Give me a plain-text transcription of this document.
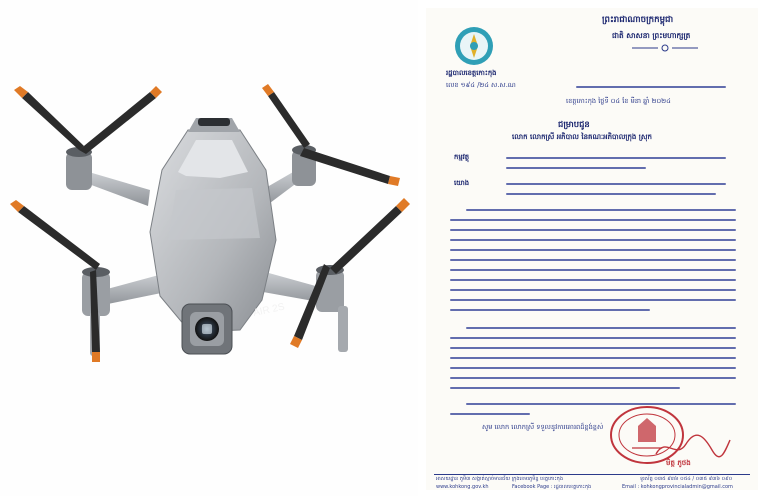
AIR 2S
ព្រះរាជាណាចក្រកម្ពុជា
ជាតិ សាសនា ព្រះមហាក្សត្រ
រដ្ឋបាលខេត្តកោះកុង
លេខ ១៩៤ /២៤ ស.ស.ណ
ខេត្តកោះកុង ថ្ងៃទី ០៤ ខែ មីនា ឆ្នាំ ២០២៤
ជម្រាបជូន
លោក លោកស្រី អភិបាល នៃគណៈអភិបាលក្រុង ស្រុក
កម្មវត្ថុ
យោង
សូម លោក លោកស្រី ទទួលនូវការគោរពដ៏ខ្ពង់ខ្ពស់
មិត្ត ភូថង
អាសយដ្ឋាន ភូមិ៣ សង្កាត់ស្មាច់មានជ័យ ក្រុងខេមរភូមិន្ទ ខេត្តកោះកុង	ទូរស័ព្ទ ០៣៥ ៩៣៦ ០៥៤ / ០៣៥ ៩៣៦ ០៩០
www.kohkong.gov.kh	Facebook Page : រដ្ឋបាលខេត្តកោះកុង	Email : kohkongprovincialadmin@gmail.com
